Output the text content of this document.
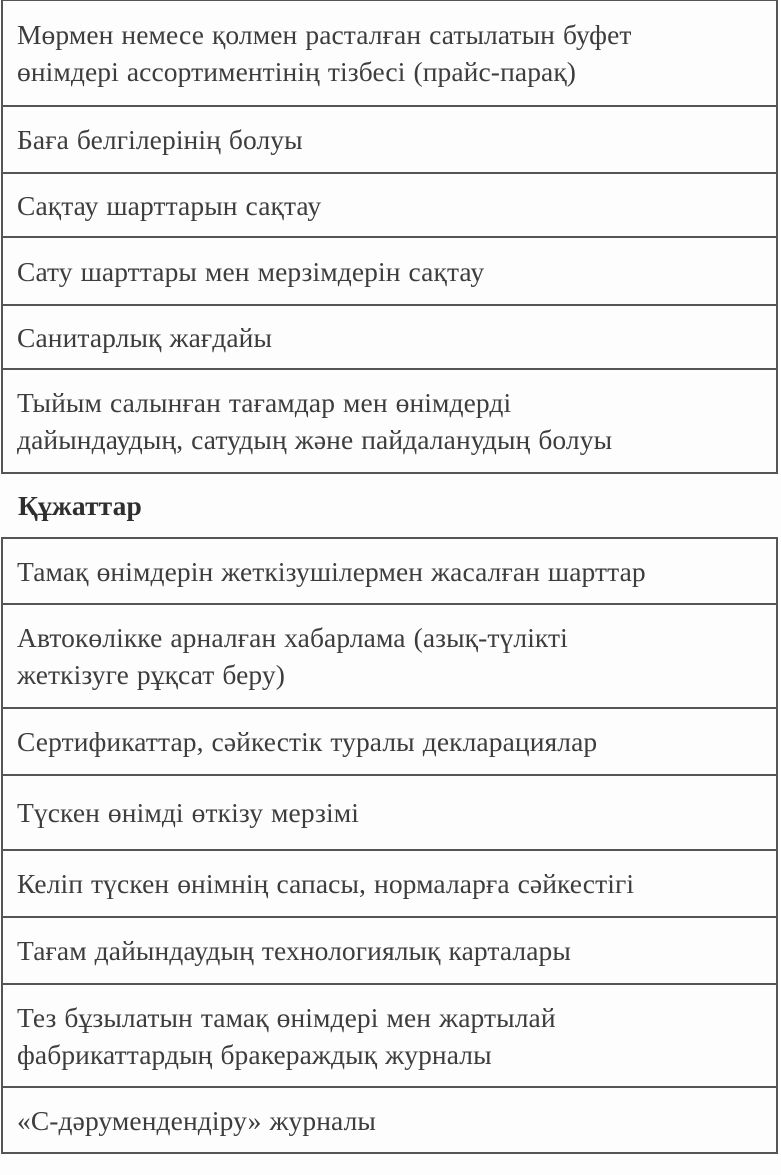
Мөрмен немесе қолмен расталған сатылатын буфет
өнімдері ассортиментінің тізбесі (прайс-парақ)

Баға белгілерінің болуы

Сақтау шарттарын сақтау

Сату шарттары мен мерзімдерін сақтау

Санитарлық жағдайы

Тыйым салынған тағамдар мен өнімдерді
дайындаудың, сатудың және пайдаланудың болуы

Құжаттар

Тамақ өнімдерін жеткізушілермен жасалған шарттар

Автокөлікке арналған хабарлама (азық-түлікті
жеткізуге рұқсат беру)

Сертификаттар, сәйкестік туралы декларациялар

Түскен өнімді өткізу мерзімі

Келіп түскен өнімнің сапасы, нормаларға сәйкестігі

Тағам дайындаудың технологиялық карталары

Тез бұзылатын тамақ өнімдері мен жартылай
фабрикаттардың бракераждық журналы

«С-дәрумендендіру» журналы
